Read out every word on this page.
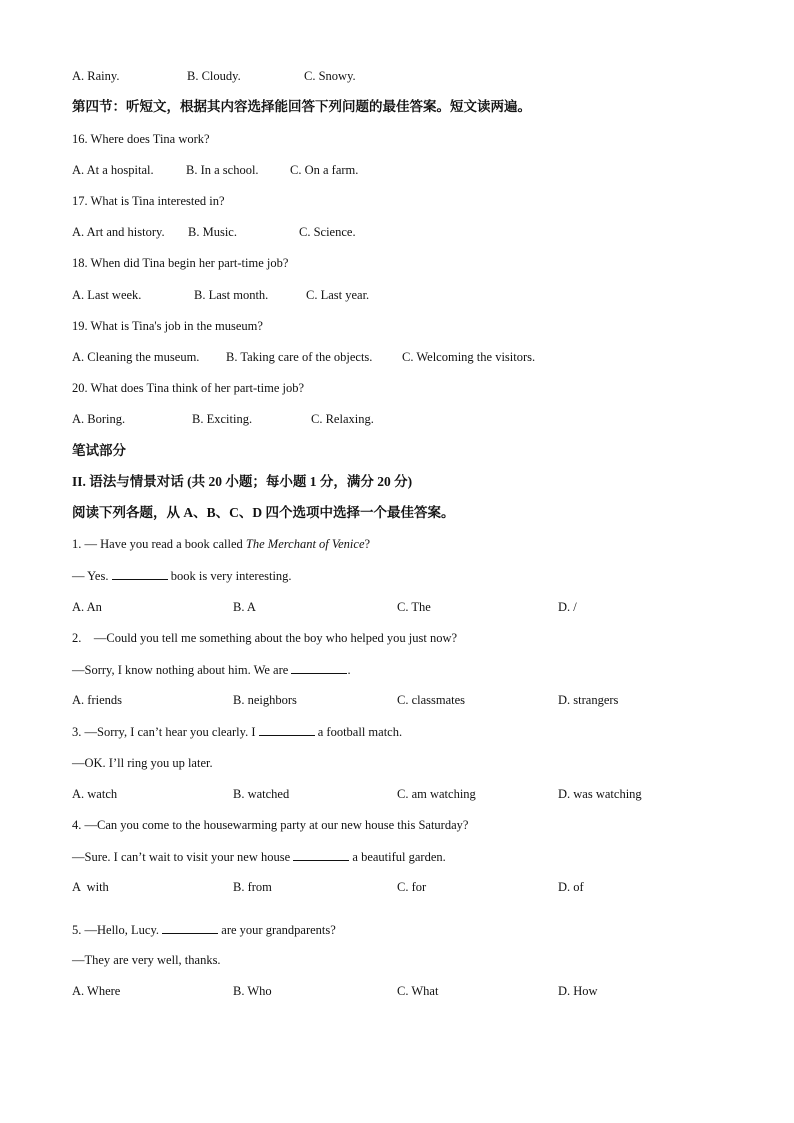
A. Rainy.	B. Cloudy.	C. Snowy.
第四节：听短文，根据其内容选择能回答下列问题的最佳答案。短文读两遍。
16. Where does Tina work?
A. At a hospital.	B. In a school.	C. On a farm.
17. What is Tina interested in?
A. Art and history. B. Music.	C. Science.
18. When did Tina begin her part-time job?
A. Last week.	B. Last month.	C. Last year.
19. What is Tina's job in the museum?
A. Cleaning the museum. B. Taking care of the objects. C. Welcoming the visitors.
20. What does Tina think of her part-time job?
A. Boring.	B. Exciting.	C. Relaxing.
笔试部分
II. 语法与情景对话 (共 20 小题；每小题 1 分，满分 20 分)
阅读下列各题，从 A、B、C、D 四个选项中选择一个最佳答案。
1. — Have you read a book called The Merchant of Venice?
— Yes.	book is very interesting.
A. An	B. A	C. The	D. /
2.    —Could you tell me something about the boy who helped you just now?
—Sorry, I know nothing about him. We are	.
A. friends	B. neighbors	C. classmates	D. strangers
3. —Sorry, I can’t hear you clearly. I	a football match.
—OK. I’ll ring you up later.
A. watch	B. watched	C. am watching	D. was watching
4. —Can you come to the housewarming party at our new house this Saturday?
—Sure. I can’t wait to visit your new house	a beautiful garden.
A  with	B. from	C. for	D. of
5. —Hello, Lucy.	are your grandparents?
—They are very well, thanks.
A. Where	B. Who	C. What	D. How
